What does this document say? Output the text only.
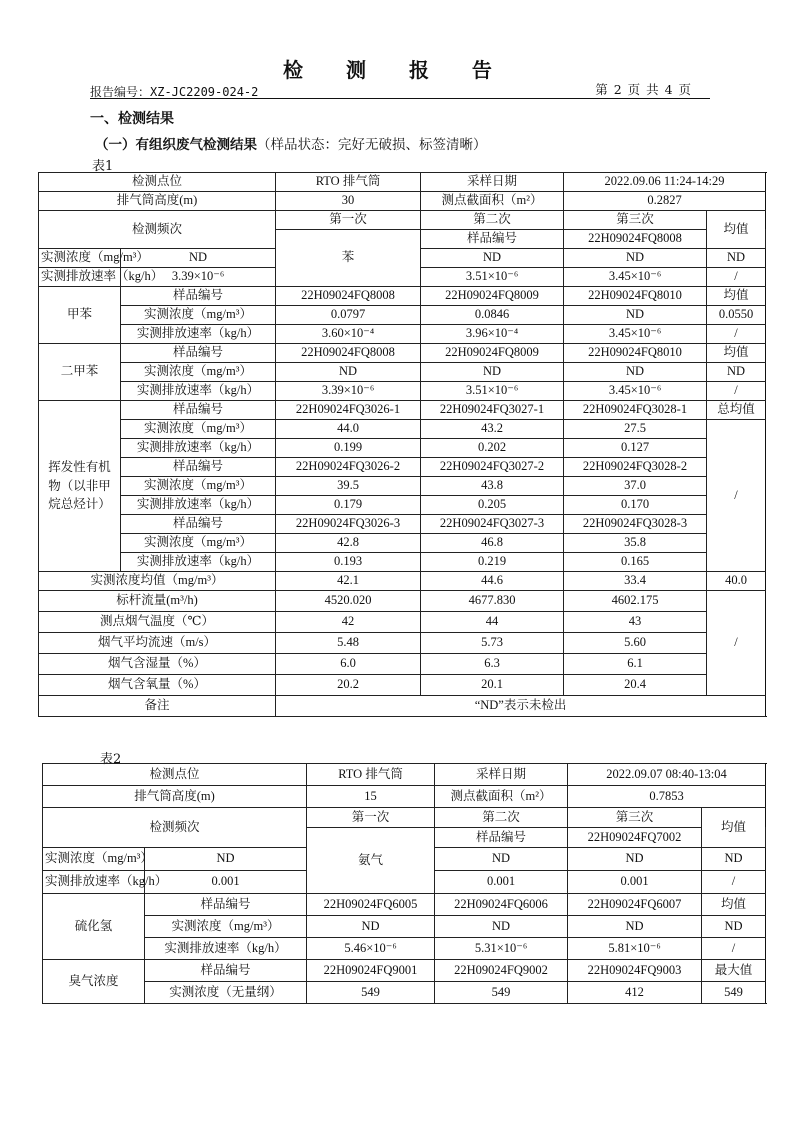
检 测 报 告
报告编号：XZ-JC2209-024-2	第 2 页 共 4 页
一、检测结果
（一）有组织废气检测结果（样品状态：完好无破损、标签清晰）
表1
检测点位		RTO 排气筒	采样日期	2022.09.06 11:24-14:29		
排气筒高度(m)		30	测点截面积（m²）	0.2827		
检测频次		第一次	第二次	第三次	均值	
		苯	样品编号	22H09024FQ8008		
实测浓度（mg/m³）	ND		ND	ND	ND	
实测排放速率（kg/h）	3.39×10⁻⁶		3.51×10⁻⁶	3.45×10⁻⁶	/	
甲苯	样品编号	22H09024FQ8008	22H09024FQ8009	22H09024FQ8010	均值	
	实测浓度（mg/m³）	0.0797	0.0846	ND	0.0550	
	实测排放速率（kg/h）	3.60×10⁻⁴	3.96×10⁻⁴	3.45×10⁻⁶	/	
二甲苯	样品编号	22H09024FQ8008	22H09024FQ8009	22H09024FQ8010	均值	
	实测浓度（mg/m³）	ND	ND	ND	ND	
	实测排放速率（kg/h）	3.39×10⁻⁶	3.51×10⁻⁶	3.45×10⁻⁶	/	
挥发性有机物（以非甲烷总烃计）	样品编号	22H09024FQ3026-1	22H09024FQ3027-1	22H09024FQ3028-1	总均值	
	实测浓度（mg/m³）	44.0	43.2	27.5	/	
	实测排放速率（kg/h）	0.199	0.202	0.127		
	样品编号	22H09024FQ3026-2	22H09024FQ3027-2	22H09024FQ3028-2		
	实测浓度（mg/m³）	39.5	43.8	37.0		
	实测排放速率（kg/h）	0.179	0.205	0.170		
	样品编号	22H09024FQ3026-3	22H09024FQ3027-3	22H09024FQ3028-3		
	实测浓度（mg/m³）	42.8	46.8	35.8		
	实测排放速率（kg/h）	0.193	0.219	0.165		
实测浓度均值（mg/m³）		42.1	44.6	33.4	40.0	
标杆流量(m³/h)		4520.020	4677.830	4602.175	/	
测点烟气温度（℃）		42	44	43		
烟气平均流速（m/s）		5.48	5.73	5.60		
烟气含湿量（%）		6.0	6.3	6.1		
烟气含氧量（%）		20.2	20.1	20.4		
备注		“ND”表示未检出				
表2
检测点位		RTO 排气筒	采样日期	2022.09.07 08:40-13:04		
排气筒高度(m)		15	测点截面积（m²）	0.7853		
检测频次		第一次	第二次	第三次	均值	
		氨气	样品编号	22H09024FQ7002		
实测浓度（mg/m³）	ND		ND	ND	ND	
实测排放速率（kg/h）	0.001		0.001	0.001	/	
硫化氢	样品编号	22H09024FQ6005	22H09024FQ6006	22H09024FQ6007	均值	
	实测浓度（mg/m³）	ND	ND	ND	ND	
	实测排放速率（kg/h）	5.46×10⁻⁶	5.31×10⁻⁶	5.81×10⁻⁶	/	
臭气浓度	样品编号	22H09024FQ9001	22H09024FQ9002	22H09024FQ9003	最大值	
	实测浓度（无量纲）	549	549	412	549	
